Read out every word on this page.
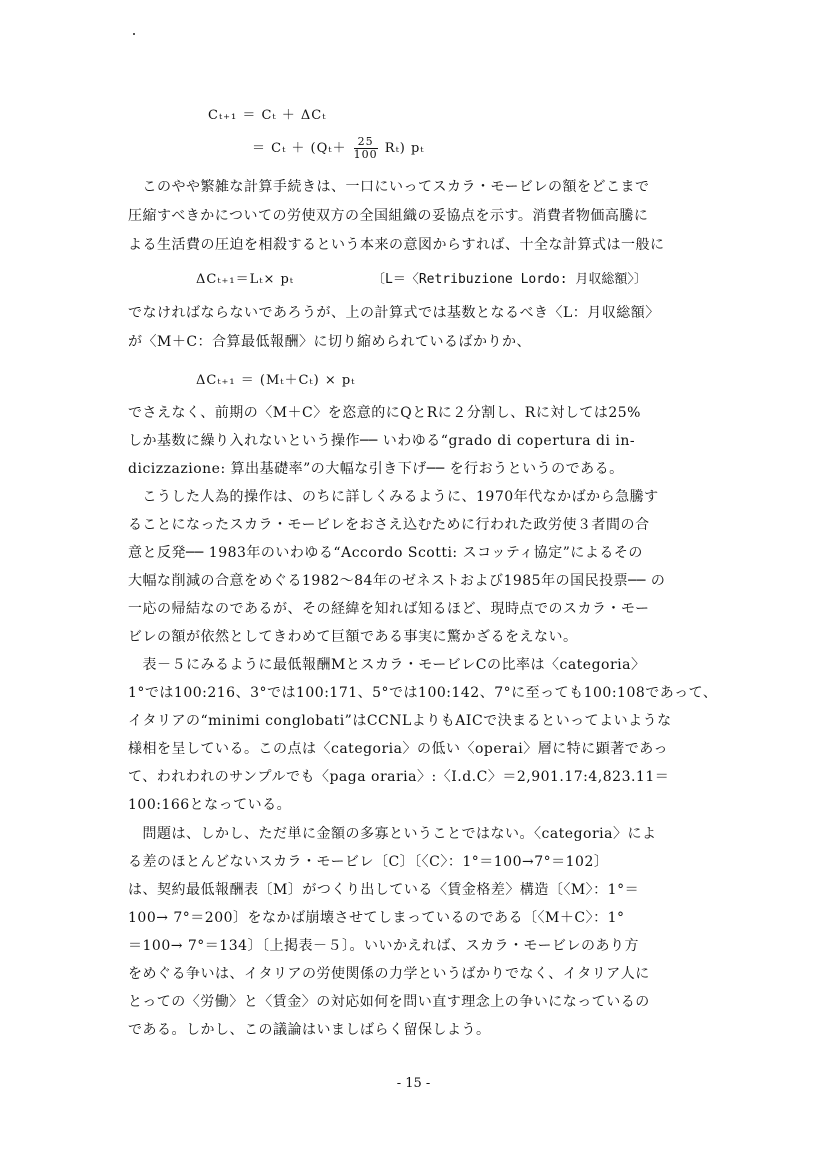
Cₜ₊₁ ＝ Cₜ ＋ ΔCₜ
＝ $C_t + (Q_t+ \frac{25}{100} R_t)$ pₜ
　このやや繁雑な計算手続きは、一口にいってスカラ・モービレの額をどこまで
圧縮すべきかについての労使双方の全国組織の妥協点を示す。消費者物価高騰に
よる生活費の圧迫を相殺するという本来の意図からすれば、十全な計算式は一般に
ΔCₜ₊₁＝Lₜ× pₜ	〔L＝〈Retribuzione Lordo: 月収総額〉〕
でなければならないであろうが、上の計算式では基数となるべき〈L：月収総額〉
が〈M＋C：合算最低報酬〉に切り縮められているばかりか、
ΔCₜ₊₁ ＝ (Mₜ＋Cₜ) × pₜ
でさえなく、前期の〈M＋C〉を恣意的にQとRに２分割し、Rに対しては25%
しか基数に繰り入れないという操作── いわゆる“grado di copertura di in-
dicizzazione: 算出基礎率”の大幅な引き下げ── を行おうというのである。
　こうした人為的操作は、のちに詳しくみるように、1970年代なかばから急騰す
ることになったスカラ・モービレをおさえ込むために行われた政労使３者間の合
意と反発── 1983年のいわゆる“Accordo Scotti: スコッティ協定”によるその
大幅な削減の合意をめぐる1982～84年のゼネストおよび1985年の国民投票── の
一応の帰結なのであるが、その経緯を知れば知るほど、現時点でのスカラ・モー
ビレの額が依然としてきわめて巨額である事実に驚かざるをえない。
　表－５にみるように最低報酬Mとスカラ・モービレCの比率は〈categoria〉
1°では100:216、3°では100:171、5°では100:142、7°に至っても100:108であって、
イタリアの“minimi conglobati”はCCNLよりもAICで決まるといってよいような
様相を呈している。この点は〈categoria〉の低い〈operai〉層に特に顕著であっ
て、われわれのサンプルでも〈paga oraria〉:〈I.d.C〉＝2,901.17:4,823.11＝
100:166となっている。
　問題は、しかし、ただ単に金額の多寡ということではない。〈categoria〉によ
る差のほとんどないスカラ・モービレ〔C〕〔〈C〉：1°＝100→7°＝102〕
は、契約最低報酬表〔M〕がつくり出している〈賃金格差〉構造〔〈M〉：1°＝
100→ 7°＝200〕をなかば崩壊させてしまっているのである〔〈M＋C〉：1°
＝100→ 7°＝134〕〔上掲表－５〕。いいかえれば、スカラ・モービレのあり方
をめぐる争いは、イタリアの労使関係の力学というばかりでなく、イタリア人に
とっての〈労働〉と〈賃金〉の対応如何を問い直す理念上の争いになっているの
である。しかし、この議論はいましばらく留保しよう。
- 15 -
